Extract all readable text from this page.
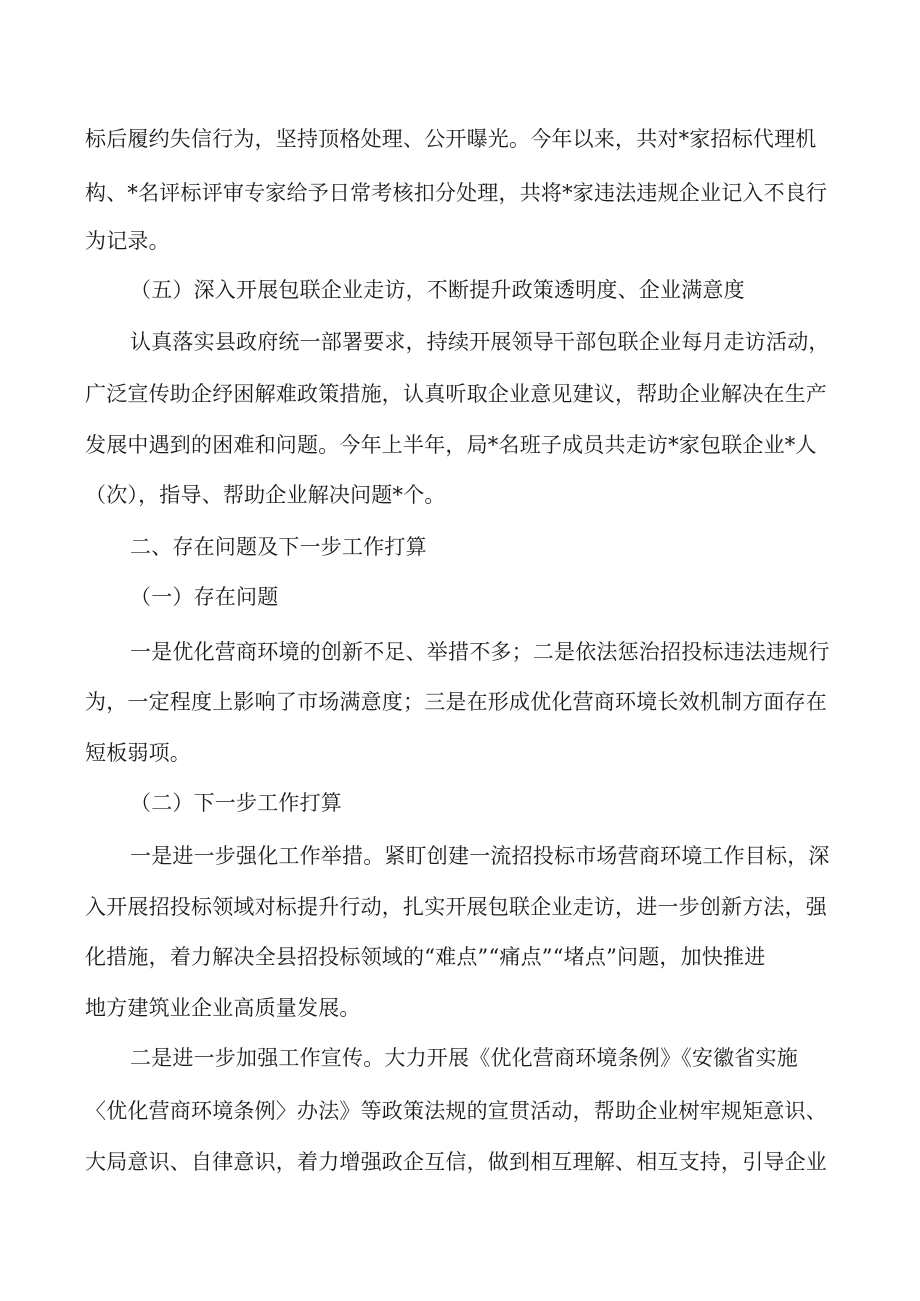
标后履约失信行为，坚持顶格处理、公开曝光。今年以来，共对*家招标代理机
构、*名评标评审专家给予日常考核扣分处理，共将*家违法违规企业记入不良行
为记录。
（五）深入开展包联企业走访，不断提升政策透明度、企业满意度
认真落实县政府统一部署要求，持续开展领导干部包联企业每月走访活动，
广泛宣传助企纾困解难政策措施，认真听取企业意见建议，帮助企业解决在生产
发展中遇到的困难和问题。今年上半年，局*名班子成员共走访*家包联企业*人
（次），指导、帮助企业解决问题*个。
二、存在问题及下一步工作打算
（一）存在问题
一是优化营商环境的创新不足、举措不多；二是依法惩治招投标违法违规行
为，一定程度上影响了市场满意度；三是在形成优化营商环境长效机制方面存在
短板弱项。
（二）下一步工作打算
一是进一步强化工作举措。紧盯创建一流招投标市场营商环境工作目标，深
入开展招投标领域对标提升行动，扎实开展包联企业走访，进一步创新方法，强
化措施，着力解决全县招投标领域的“难点”“痛点”“堵点”问题，加快推进
地方建筑业企业高质量发展。
二是进一步加强工作宣传。大力开展《优化营商环境条例》《安徽省实施
〈优化营商环境条例〉办法》等政策法规的宣贯活动，帮助企业树牢规矩意识、
大局意识、自律意识，着力增强政企互信，做到相互理解、相互支持，引导企业
